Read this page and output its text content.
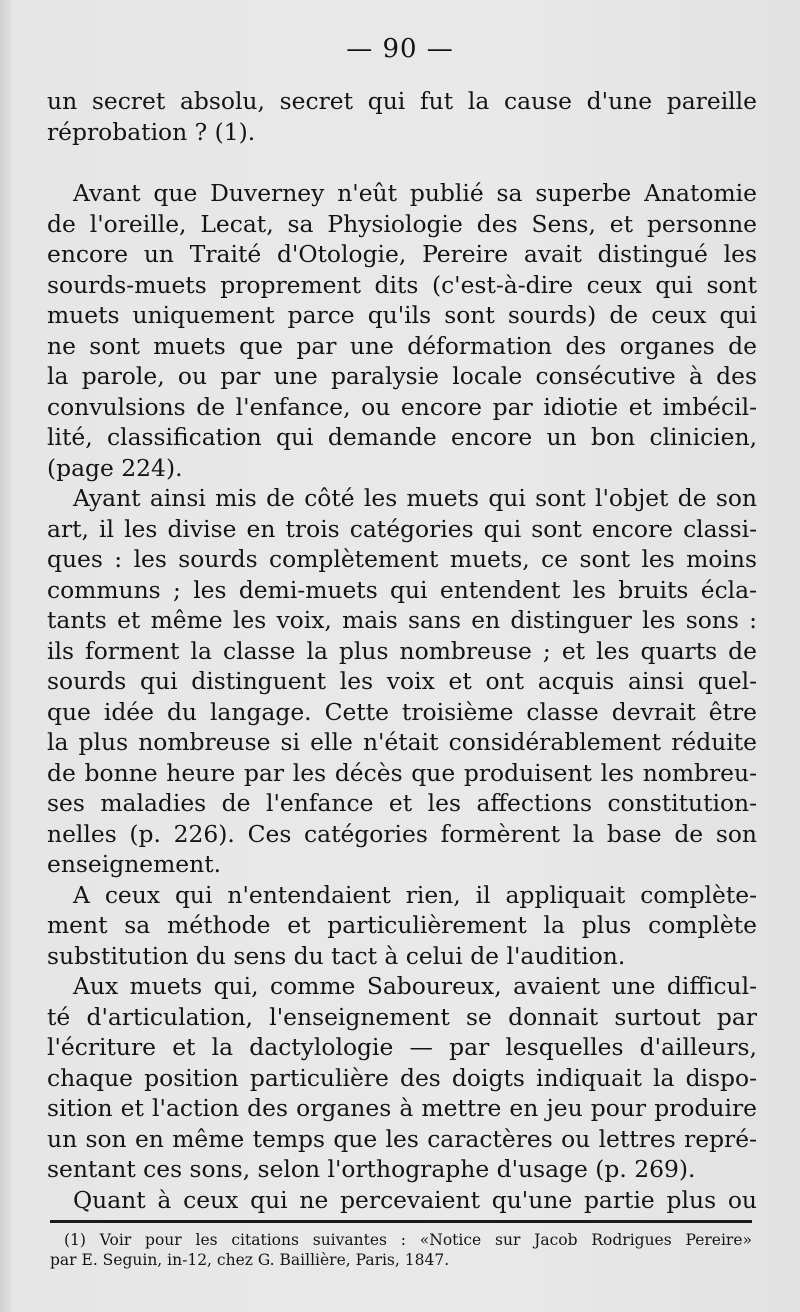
— 90 —
un secret absolu, secret qui fut la cause d'une pareille
réprobation ? (1).
Avant que Duverney n'eût publié sa superbe Anatomie
de l'oreille, Lecat, sa Physiologie des Sens, et personne
encore un Traité d'Otologie, Pereire avait distingué les
sourds-muets proprement dits (c'est-à-dire ceux qui sont
muets uniquement parce qu'ils sont sourds) de ceux qui
ne sont muets que par une déformation des organes de
la parole, ou par une paralysie locale consécutive à des
convulsions de l'enfance, ou encore par idiotie et imbécil-
lité, classification qui demande encore un bon clinicien,
(page 224).
Ayant ainsi mis de côté les muets qui sont l'objet de son
art, il les divise en trois catégories qui sont encore classi-
ques : les sourds complètement muets, ce sont les moins
communs ; les demi-muets qui entendent les bruits écla-
tants et même les voix, mais sans en distinguer les sons :
ils forment la classe la plus nombreuse ; et les quarts de
sourds qui distinguent les voix et ont acquis ainsi quel-
que idée du langage. Cette troisième classe devrait être
la plus nombreuse si elle n'était considérablement réduite
de bonne heure par les décès que produisent les nombreu-
ses maladies de l'enfance et les affections constitution-
nelles (p. 226). Ces catégories formèrent la base de son
enseignement.
A ceux qui n'entendaient rien, il appliquait complète-
ment sa méthode et particulièrement la plus complète
substitution du sens du tact à celui de l'audition.
Aux muets qui, comme Saboureux, avaient une difficul-
té d'articulation, l'enseignement se donnait surtout par
l'écriture et la dactylologie — par lesquelles d'ailleurs,
chaque position particulière des doigts indiquait la dispo-
sition et l'action des organes à mettre en jeu pour produire
un son en même temps que les caractères ou lettres repré-
sentant ces sons, selon l'orthographe d'usage (p. 269).
Quant à ceux qui ne percevaient qu'une partie plus ou
(1) Voir pour les citations suivantes : «Notice sur Jacob Rodrigues Pereire»
par E. Seguin, in-12, chez G. Baillière, Paris, 1847.
